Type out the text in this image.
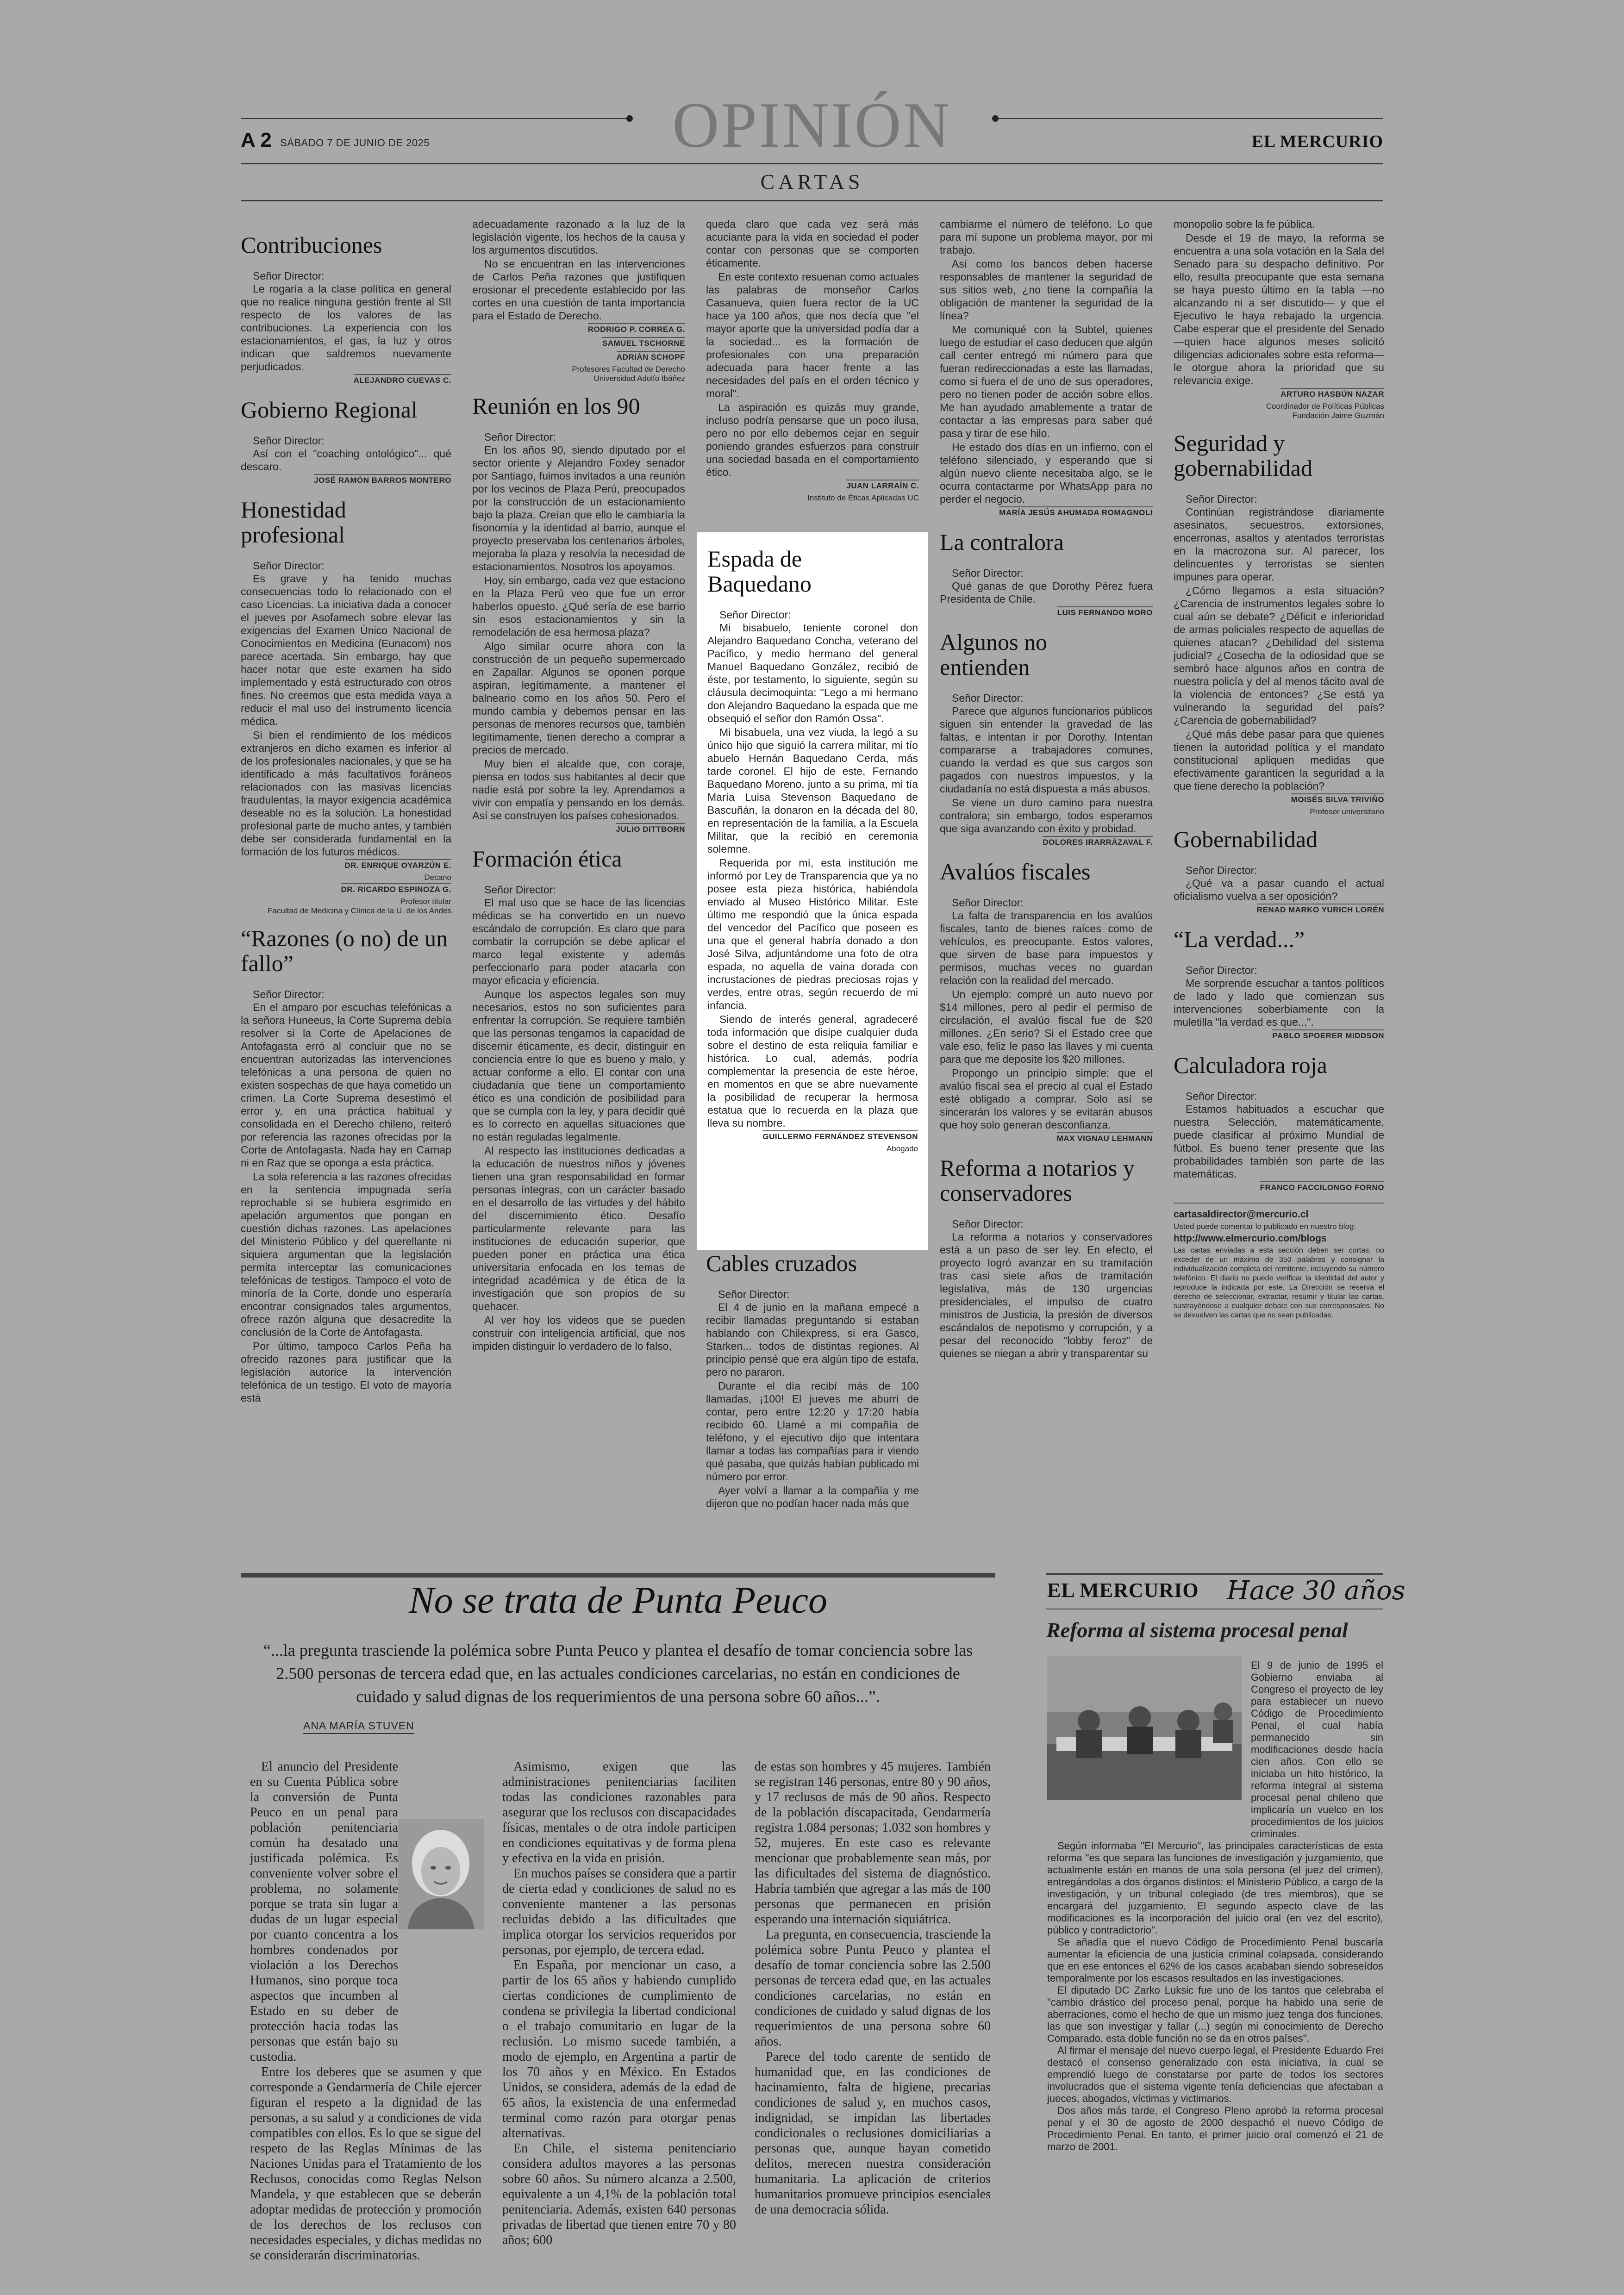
A 2 SÁBADO 7 DE JUNIO DE 2025	OPINIÓN	EL MERCURIO
CARTAS
Contribuciones

Señor Director:

Le rogaría a la clase política en general que no realice ninguna gestión frente al SII respecto de los valores de las contribuciones. La experiencia con los estacionamientos, el gas, la luz y otros indican que saldremos nuevamente perjudicados.

ALEJANDRO CUEVAS C.

Gobierno Regional

Señor Director:

Así con el "coaching ontológico"... qué descaro.

JOSÉ RAMÓN BARROS MONTERO

Honestidad profesional

Señor Director:

Es grave y ha tenido muchas consecuencias todo lo relacionado con el caso Licencias. La iniciativa dada a conocer el jueves por Asofamech sobre elevar las exigencias del Examen Único Nacional de Conocimientos en Medicina (Eunacom) nos parece acertada. Sin embargo, hay que hacer notar que este examen ha sido implementado y está estructurado con otros fines. No creemos que esta medida vaya a reducir el mal uso del instrumento licencia médica.

Si bien el rendimiento de los médicos extranjeros en dicho examen es inferior al de los profesionales nacionales, y que se ha identificado a más facultativos foráneos relacionados con las masivas licencias fraudulentas, la mayor exigencia académica deseable no es la solución. La honestidad profesional parte de mucho antes, y también debe ser considerada fundamental en la formación de los futuros médicos.

DR. ENRIQUE OYARZÚN E.

Decano

DR. RICARDO ESPINOZA G.

Profesor titular

Facultad de Medicina y Clínica de la U. de los Andes

“Razones (o no) de un fallo”

Señor Director:

En el amparo por escuchas telefónicas a la señora Huneeus, la Corte Suprema debía resolver si la Corte de Apelaciones de Antofagasta erró al concluir que no se encuentran autorizadas las intervenciones telefónicas a una persona de quien no existen sospechas de que haya cometido un crimen. La Corte Suprema desestimó el error y, en una práctica habitual y consolidada en el Derecho chileno, reiteró por referencia las razones ofrecidas por la Corte de Antofagasta. Nada hay en Carnap ni en Raz que se oponga a esta práctica.

La sola referencia a las razones ofrecidas en la sentencia impugnada sería reprochable si se hubiera esgrimido en apelación argumentos que pongan en cuestión dichas razones. Las apelaciones del Ministerio Público y del querellante ni siquiera argumentan que la legislación permita interceptar las comunicaciones telefónicas de testigos. Tampoco el voto de minoría de la Corte, donde uno esperaría encontrar consignados tales argumentos, ofrece razón alguna que desacredite la conclusión de la Corte de Antofagasta.

Por último, tampoco Carlos Peña ha ofrecido razones para justificar que la legislación autorice la intervención telefónica de un testigo. El voto de mayoría está

adecuadamente razonado a la luz de la legislación vigente, los hechos de la causa y los argumentos discutidos.

No se encuentran en las intervenciones de Carlos Peña razones que justifiquen erosionar el precedente establecido por las cortes en una cuestión de tanta importancia para el Estado de Derecho.

RODRIGO P. CORREA G.

SAMUEL TSCHORNE

ADRIÁN SCHOPF

Profesores Facultad de Derecho

Universidad Adolfo Ibáñez

Reunión en los 90

Señor Director:

En los años 90, siendo diputado por el sector oriente y Alejandro Foxley senador por Santiago, fuimos invitados a una reunión por los vecinos de Plaza Perú, preocupados por la construcción de un estacionamiento bajo la plaza. Creían que ello le cambiaría la fisonomía y la identidad al barrio, aunque el proyecto preservaba los centenarios árboles, mejoraba la plaza y resolvía la necesidad de estacionamientos. Nosotros los apoyamos.

Hoy, sin embargo, cada vez que estaciono en la Plaza Perú veo que fue un error haberlos opuesto. ¿Qué sería de ese barrio sin esos estacionamientos y sin la remodelación de esa hermosa plaza?

Algo similar ocurre ahora con la construcción de un pequeño supermercado en Zapallar. Algunos se oponen porque aspiran, legítimamente, a mantener el balneario como en los años 50. Pero el mundo cambia y debemos pensar en las personas de menores recursos que, también legítimamente, tienen derecho a comprar a precios de mercado.

Muy bien el alcalde que, con coraje, piensa en todos sus habitantes al decir que nadie está por sobre la ley. Aprendamos a vivir con empatía y pensando en los demás. Así se construyen los países cohesionados.

JULIO DITTBORN

Formación ética

Señor Director:

El mal uso que se hace de las licencias médicas se ha convertido en un nuevo escándalo de corrupción. Es claro que para combatir la corrupción se debe aplicar el marco legal existente y además perfeccionarlo para poder atacarla con mayor eficacia y eficiencia.

Aunque los aspectos legales son muy necesarios, estos no son suficientes para enfrentar la corrupción. Se requiere también que las personas tengamos la capacidad de discernir éticamente, es decir, distinguir en conciencia entre lo que es bueno y malo, y actuar conforme a ello. El contar con una ciudadanía que tiene un comportamiento ético es una condición de posibilidad para que se cumpla con la ley, y para decidir qué es lo correcto en aquellas situaciones que no están reguladas legalmente.

Al respecto las instituciones dedicadas a la educación de nuestros niños y jóvenes tienen una gran responsabilidad en formar personas íntegras, con un carácter basado en el desarrollo de las virtudes y del hábito del discernimiento ético. Desafío particularmente relevante para las instituciones de educación superior, que pueden poner en práctica una ética universitaria enfocada en los temas de integridad académica y de ética de la investigación que son propios de su quehacer.

Al ver hoy los videos que se pueden construir con inteligencia artificial, que nos impiden distinguir lo verdadero de lo falso,

queda claro que cada vez será más acuciante para la vida en sociedad el poder contar con personas que se comporten éticamente.

En este contexto resuenan como actuales las palabras de monseñor Carlos Casanueva, quien fuera rector de la UC hace ya 100 años, que nos decía que "el mayor aporte que la universidad podía dar a la sociedad... es la formación de profesionales con una preparación adecuada para hacer frente a las necesidades del país en el orden técnico y moral".

La aspiración es quizás muy grande, incluso podría pensarse que un poco ilusa, pero no por ello debemos cejar en seguir poniendo grandes esfuerzos para construir una sociedad basada en el comportamiento ético.

JUAN LARRAÍN C.

Instituto de Éticas Aplicadas UC

Espada de Baquedano

Señor Director:

Mi bisabuelo, teniente coronel don Alejandro Baquedano Concha, veterano del Pacífico, y medio hermano del general Manuel Baquedano González, recibió de éste, por testamento, lo siguiente, según su cláusula decimoquinta: "Lego a mi hermano don Alejandro Baquedano la espada que me obsequió el señor don Ramón Ossa".

Mi bisabuela, una vez viuda, la legó a su único hijo que siguió la carrera militar, mi tío abuelo Hernán Baquedano Cerda, más tarde coronel. El hijo de este, Fernando Baquedano Moreno, junto a su prima, mi tía María Luisa Stevenson Baquedano de Bascuñán, la donaron en la década del 80, en representación de la familia, a la Escuela Militar, que la recibió en ceremonia solemne.

Requerida por mí, esta institución me informó por Ley de Transparencia que ya no posee esta pieza histórica, habiéndola enviado al Museo Histórico Militar. Este último me respondió que la única espada del vencedor del Pacífico que poseen es una que el general habría donado a don José Silva, adjuntándome una foto de otra espada, no aquella de vaina dorada con incrustaciones de piedras preciosas rojas y verdes, entre otras, según recuerdo de mi infancia.

Siendo de interés general, agradeceré toda información que disipe cualquier duda sobre el destino de esta reliquia familiar e histórica. Lo cual, además, podría complementar la presencia de este héroe, en momentos en que se abre nuevamente la posibilidad de recuperar la hermosa estatua que lo recuerda en la plaza que lleva su nombre.

GUILLERMO FERNÁNDEZ STEVENSON

Abogado

Cables cruzados

Señor Director:

El 4 de junio en la mañana empecé a recibir llamadas preguntando si estaban hablando con Chilexpress, si era Gasco, Starken... todos de distintas regiones. Al principio pensé que era algún tipo de estafa, pero no pararon.

Durante el día recibí más de 100 llamadas, ¡100! El jueves me aburrí de contar, pero entre 12:20 y 17:20 había recibido 60. Llamé a mi compañía de teléfono, y el ejecutivo dijo que intentara llamar a todas las compañías para ir viendo qué pasaba, que quizás habían publicado mi número por error.

Ayer volví a llamar a la compañía y me dijeron que no podían hacer nada más que

cambiarme el número de teléfono. Lo que para mí supone un problema mayor, por mi trabajo.

Así como los bancos deben hacerse responsables de mantener la seguridad de sus sitios web, ¿no tiene la compañía la obligación de mantener la seguridad de la línea?

Me comuniqué con la Subtel, quienes luego de estudiar el caso deducen que algún call center entregó mi número para que fueran redireccionadas a este las llamadas, como si fuera el de uno de sus operadores, pero no tienen poder de acción sobre ellos. Me han ayudado amablemente a tratar de contactar a las empresas para saber qué pasa y tirar de ese hilo.

He estado dos días en un infierno, con el teléfono silenciado, y esperando que si algún nuevo cliente necesitaba algo, se le ocurra contactarme por WhatsApp para no perder el negocio.

MARÍA JESÚS AHUMADA ROMAGNOLI

La contralora

Señor Director:

Qué ganas de que Dorothy Pérez fuera Presidenta de Chile.

LUIS FERNANDO MORO

Algunos no entienden

Señor Director:

Parece que algunos funcionarios públicos siguen sin entender la gravedad de las faltas, e intentan ir por Dorothy. Intentan compararse a trabajadores comunes, cuando la verdad es que sus cargos son pagados con nuestros impuestos, y la ciudadanía no está dispuesta a más abusos.

Se viene un duro camino para nuestra contralora; sin embargo, todos esperamos que siga avanzando con éxito y probidad.

DOLORES IRARRÁZAVAL F.

Avalúos fiscales

Señor Director:

La falta de transparencia en los avalúos fiscales, tanto de bienes raíces como de vehículos, es preocupante. Estos valores, que sirven de base para impuestos y permisos, muchas veces no guardan relación con la realidad del mercado.

Un ejemplo: compré un auto nuevo por $14 millones, pero al pedir el permiso de circulación, el avalúo fiscal fue de $20 millones. ¿En serio? Si el Estado cree que vale eso, feliz le paso las llaves y mi cuenta para que me deposite los $20 millones.

Propongo un principio simple: que el avalúo fiscal sea el precio al cual el Estado esté obligado a comprar. Solo así se sincerarán los valores y se evitarán abusos que hoy solo generan desconfianza.

MAX VIGNAU LEHMANN

Reforma a notarios y conservadores

Señor Director:

La reforma a notarios y conservadores está a un paso de ser ley. En efecto, el proyecto logró avanzar en su tramitación tras casi siete años de tramitación legislativa, más de 130 urgencias presidenciales, el impulso de cuatro ministros de Justicia, la presión de diversos escándalos de nepotismo y corrupción, y a pesar del reconocido "lobby feroz" de quienes se niegan a abrir y transparentar su

monopolio sobre la fe pública.

Desde el 19 de mayo, la reforma se encuentra a una sola votación en la Sala del Senado para su despacho definitivo. Por ello, resulta preocupante que esta semana se haya puesto último en la tabla —no alcanzando ni a ser discutido— y que el Ejecutivo le haya rebajado la urgencia. Cabe esperar que el presidente del Senado —quien hace algunos meses solicitó diligencias adicionales sobre esta reforma— le otorgue ahora la prioridad que su relevancia exige.

ARTURO HASBÚN NAZAR

Coordinador de Políticas Públicas

Fundación Jaime Guzmán

Seguridad y gobernabilidad

Señor Director:

Continúan registrándose diariamente asesinatos, secuestros, extorsiones, encerronas, asaltos y atentados terroristas en la macrozona sur. Al parecer, los delincuentes y terroristas se sienten impunes para operar.

¿Cómo llegamos a esta situación? ¿Carencia de instrumentos legales sobre lo cual aún se debate? ¿Déficit e inferioridad de armas policiales respecto de aquellas de quienes atacan? ¿Debilidad del sistema judicial? ¿Cosecha de la odiosidad que se sembró hace algunos años en contra de nuestra policía y del al menos tácito aval de la violencia de entonces? ¿Se está ya vulnerando la seguridad del país? ¿Carencia de gobernabilidad?

¿Qué más debe pasar para que quienes tienen la autoridad política y el mandato constitucional apliquen medidas que efectivamente garanticen la seguridad a la que tiene derecho la población?

MOISÉS SILVA TRIVIÑO

Profesor universitario

Gobernabilidad

Señor Director:

¿Qué va a pasar cuando el actual oficialismo vuelva a ser oposición?

RENAD MARKO YURICH LORÉN

“La verdad...”

Señor Director:

Me sorprende escuchar a tantos políticos de lado y lado que comienzan sus intervenciones soberbiamente con la muletilla "la verdad es que...".

PABLO SPOERER MIDDSON

Calculadora roja

Señor Director:

Estamos habituados a escuchar que nuestra Selección, matemáticamente, puede clasificar al próximo Mundial de fútbol. Es bueno tener presente que las probabilidades también son parte de las matemáticas.

FRANCO FACCILONGO FORNO

cartasaldirector@mercurio.cl

Usted puede comentar lo publicado en nuestro blog:

http://www.elmercurio.com/blogs

Las cartas enviadas a esta sección deben ser cortas, no exceder de un máximo de 350 palabras y consignar la individualización completa del remitente, incluyendo su número telefónico. El diario no puede verificar la identidad del autor y reproduce la indicada por este. La Dirección se reserva el derecho de seleccionar, extractar, resumir y titular las cartas, sustrayéndose a cualquier debate con sus corresponsales. No se devuelven las cartas que no sean publicadas.

No se trata de Punta Peuco
“...la pregunta trasciende la polémica sobre Punta Peuco y plantea el desafío de tomar conciencia sobre las 2.500 personas de tercera edad que, en las actuales condiciones carcelarias, no están en condiciones de cuidado y salud dignas de los requerimientos de una persona sobre 60 años...”.
ANA MARÍA STUVEN

El anuncio del Presidente en su Cuenta Pública sobre la conversión de Punta Peuco en un penal para población penitenciaria común ha desatado una justificada polémica. Es conveniente volver sobre el problema, no solamente porque se trata sin lugar a dudas de un lugar especial por cuanto concentra a los hombres condenados por violación a los Derechos Humanos, sino porque toca aspectos que incumben al Estado en su deber de protección hacia todas las personas que están bajo su custodia.

Entre los deberes que se asumen y que corresponde a Gendarmería de Chile ejercer figuran el respeto a la dignidad de las personas, a su salud y a condiciones de vida compatibles con ellos. Es lo que se sigue del respeto de las Reglas Mínimas de las Naciones Unidas para el Tratamiento de los Reclusos, conocidas como Reglas Nelson Mandela, y que establecen que se deberán adoptar medidas de protección y promoción de los derechos de los reclusos con necesidades especiales, y dichas medidas no se considerarán discriminatorias.

Asimismo, exigen que las administraciones penitenciarias faciliten todas las condiciones razonables para asegurar que los reclusos con discapacidades físicas, mentales o de otra índole participen en condiciones equitativas y de forma plena y efectiva en la vida en prisión.

En muchos países se considera que a partir de cierta edad y condiciones de salud no es conveniente mantener a las personas recluidas debido a las dificultades que implica otorgar los servicios requeridos por personas, por ejemplo, de tercera edad.

En España, por mencionar un caso, a partir de los 65 años y habiendo cumplido ciertas condiciones de cumplimiento de condena se privilegia la libertad condicional o el trabajo comunitario en lugar de la reclusión. Lo mismo sucede también, a modo de ejemplo, en Argentina a partir de los 70 años y en México. En Estados Unidos, se considera, además de la edad de 65 años, la existencia de una enfermedad terminal como razón para otorgar penas alternativas.

En Chile, el sistema penitenciario considera adultos mayores a las personas sobre 60 años. Su número alcanza a 2.500, equivalente a un 4,1% de la población total penitenciaria. Además, existen 640 personas privadas de libertad que tienen entre 70 y 80 años; 600

de estas son hombres y 45 mujeres. También se registran 146 personas, entre 80 y 90 años, y 17 reclusos de más de 90 años. Respecto de la población discapacitada, Gendarmería registra 1.084 personas; 1.032 son hombres y 52, mujeres. En este caso es relevante mencionar que probablemente sean más, por las dificultades del sistema de diagnóstico. Habría también que agregar a las más de 100 personas que permanecen en prisión esperando una internación siquiátrica.

La pregunta, en consecuencia, trasciende la polémica sobre Punta Peuco y plantea el desafío de tomar conciencia sobre las 2.500 personas de tercera edad que, en las actuales condiciones carcelarias, no están en condiciones de cuidado y salud dignas de los requerimientos de una persona sobre 60 años.

Parece del todo carente de sentido de humanidad que, en las condiciones de hacinamiento, falta de higiene, precarias condiciones de salud y, en muchos casos, indignidad, se impidan las libertades condicionales o reclusiones domiciliarias a personas que, aunque hayan cometido delitos, merecen nuestra consideración humanitaria. La aplicación de criterios humanitarios promueve principios esenciales de una democracia sólida.

EL MERCURIO Hace 30 años
Reforma al sistema procesal penal

El 9 de junio de 1995 el Gobierno enviaba al Congreso el proyecto de ley para establecer un nuevo Código de Procedimiento Penal, el cual había permanecido sin modificaciones desde hacía cien años. Con ello se iniciaba un hito histórico, la reforma integral al sistema procesal penal chileno que implicaría un vuelco en los procedimientos de los juicios criminales.

Según informaba "El Mercurio", las principales características de esta reforma "es que separa las funciones de investigación y juzgamiento, que actualmente están en manos de una sola persona (el juez del crimen), entregándolas a dos órganos distintos: el Ministerio Público, a cargo de la investigación, y un tribunal colegiado (de tres miembros), que se encargará del juzgamiento. El segundo aspecto clave de las modificaciones es la incorporación del juicio oral (en vez del escrito), público y contradictorio".

Se añadía que el nuevo Código de Procedimiento Penal buscaría aumentar la eficiencia de una justicia criminal colapsada, considerando que en ese entonces el 62% de los casos acababan siendo sobreseídos temporalmente por los escasos resultados en las investigaciones.

El diputado DC Zarko Luksic fue uno de los tantos que celebraba el "cambio drástico del proceso penal, porque ha habido una serie de aberraciones, como el hecho de que un mismo juez tenga dos funciones, las que son investigar y fallar (...) según mi conocimiento de Derecho Comparado, esta doble función no se da en otros países".

Al firmar el mensaje del nuevo cuerpo legal, el Presidente Eduardo Frei destacó el consenso generalizado con esta iniciativa, la cual se emprendió luego de constatarse por parte de todos los sectores involucrados que el sistema vigente tenía deficiencias que afectaban a jueces, abogados, víctimas y victimarios.

Dos años más tarde, el Congreso Pleno aprobó la reforma procesal penal y el 30 de agosto de 2000 despachó el nuevo Código de Procedimiento Penal. En tanto, el primer juicio oral comenzó el 21 de marzo de 2001.
